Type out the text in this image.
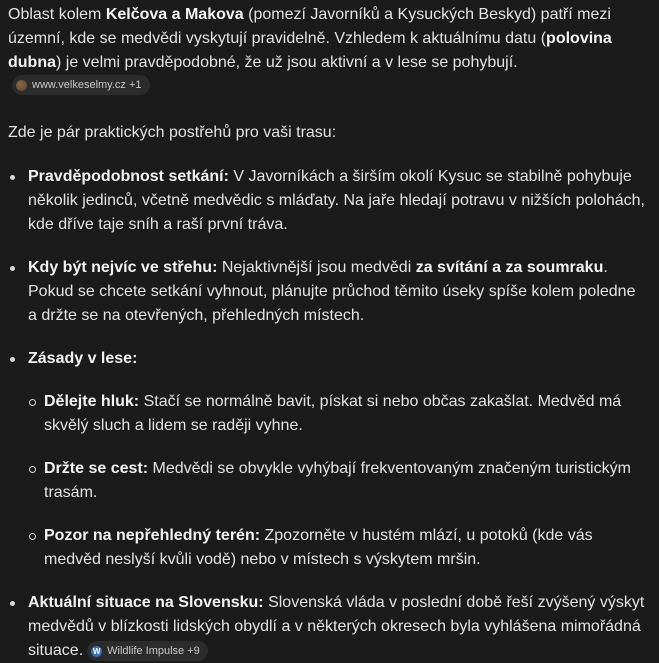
Oblast kolem Kelčova a Makova (pomezí Javorníků a Kysuckých Beskyd) patří mezi územní, kde se medvědi vyskytují pravidelně. Vzhledem k aktuálnímu datu (polovina dubna) je velmi pravděpodobné, že už jsou aktivní a v lese se pohybují.
www.velkeselmy.cz +1

Zde je pár praktických postřehů pro vaši trasu:

Pravděpodobnost setkání: V Javorníkách a širším okolí Kysuc se stabilně pohybuje několik jedinců, včetně medvědic s mláďaty. Na jaře hledají potravu v nižších polohách, kde dříve taje sníh a raší první tráva.
Kdy být nejvíc ve střehu: Nejaktivnější jsou medvědi za svítání a za soumraku. Pokud se chcete setkání vyhnout, plánujte průchod těmito úseky spíše kolem poledne a držte se na otevřených, přehledných místech.
Zásady v lese:
Dělejte hluk: Stačí se normálně bavit, pískat si nebo občas zakašlat. Medvěd má skvělý sluch a lidem se raději vyhne.
Držte se cest: Medvědi se obvykle vyhýbají frekventovaným značeným turistickým trasám.
Pozor na nepřehledný terén: Zpozorněte v hustém mlází, u potoků (kde vás medvěd neslyší kvůli vodě) nebo v místech s výskytem mršin.
Aktuální situace na Slovensku: Slovenská vláda v poslední době řeší zvýšený výskyt medvědů v blízkosti lidských obydlí a v některých okresech byla vyhlášena mimořádná situace. W Wildlife Impulse +9
